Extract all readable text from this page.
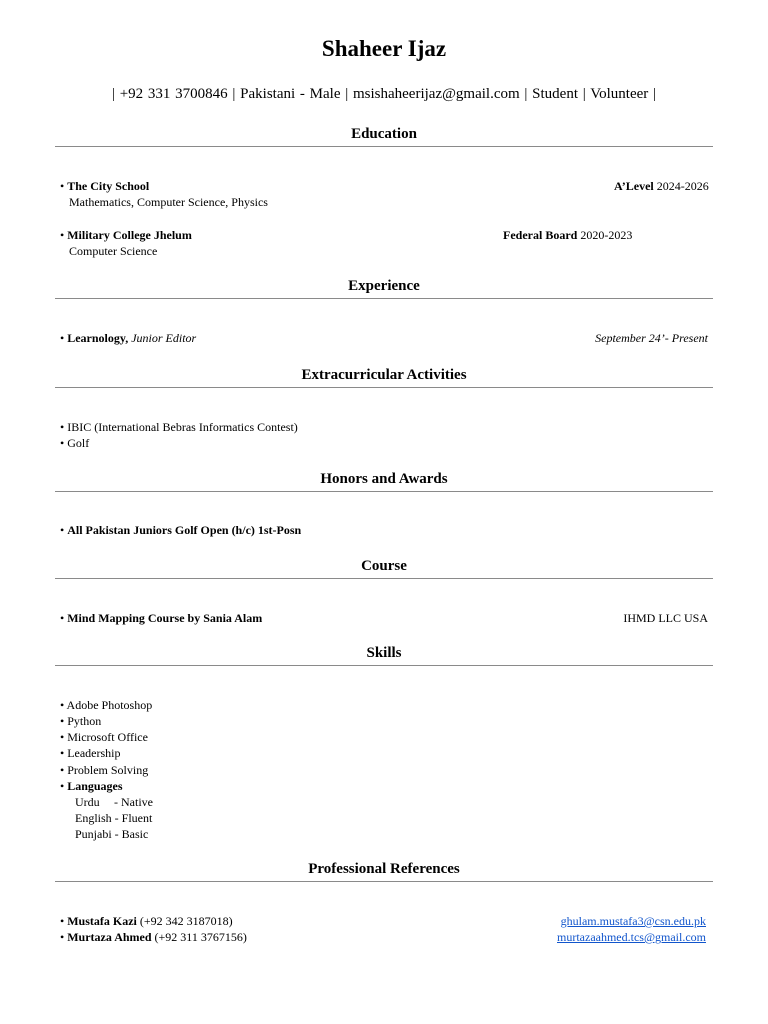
Shaheer Ijaz
| +92 331 3700846 | Pakistani - Male | msishaheerijaz@gmail.com | Student | Volunteer |
Education
• The City School
Mathematics, Computer Science, Physics
A’Level 2024-2026
• Military College Jhelum
Computer Science
Federal Board 2020-2023
Experience
• Learnology, Junior Editor	September 24’- Present
Extracurricular Activities
• IBIC (International Bebras Informatics Contest)
• Golf
Honors and Awards
• All Pakistan Juniors Golf Open (h/c) 1st-Posn
Course
• Mind Mapping Course by Sania Alam	IHMD LLC USA
Skills
• Adobe Photoshop
• Python
• Microsoft Office
• Leadership
• Problem Solving
• Languages
Urdu - Native
English - Fluent
Punjabi - Basic
Professional References
• Mustafa Kazi (+92 342 3187018)
• Murtaza Ahmed (+92 311 3767156)
ghulam.mustafa3@csn.edu.pk
murtazaahmed.tcs@gmail.com
